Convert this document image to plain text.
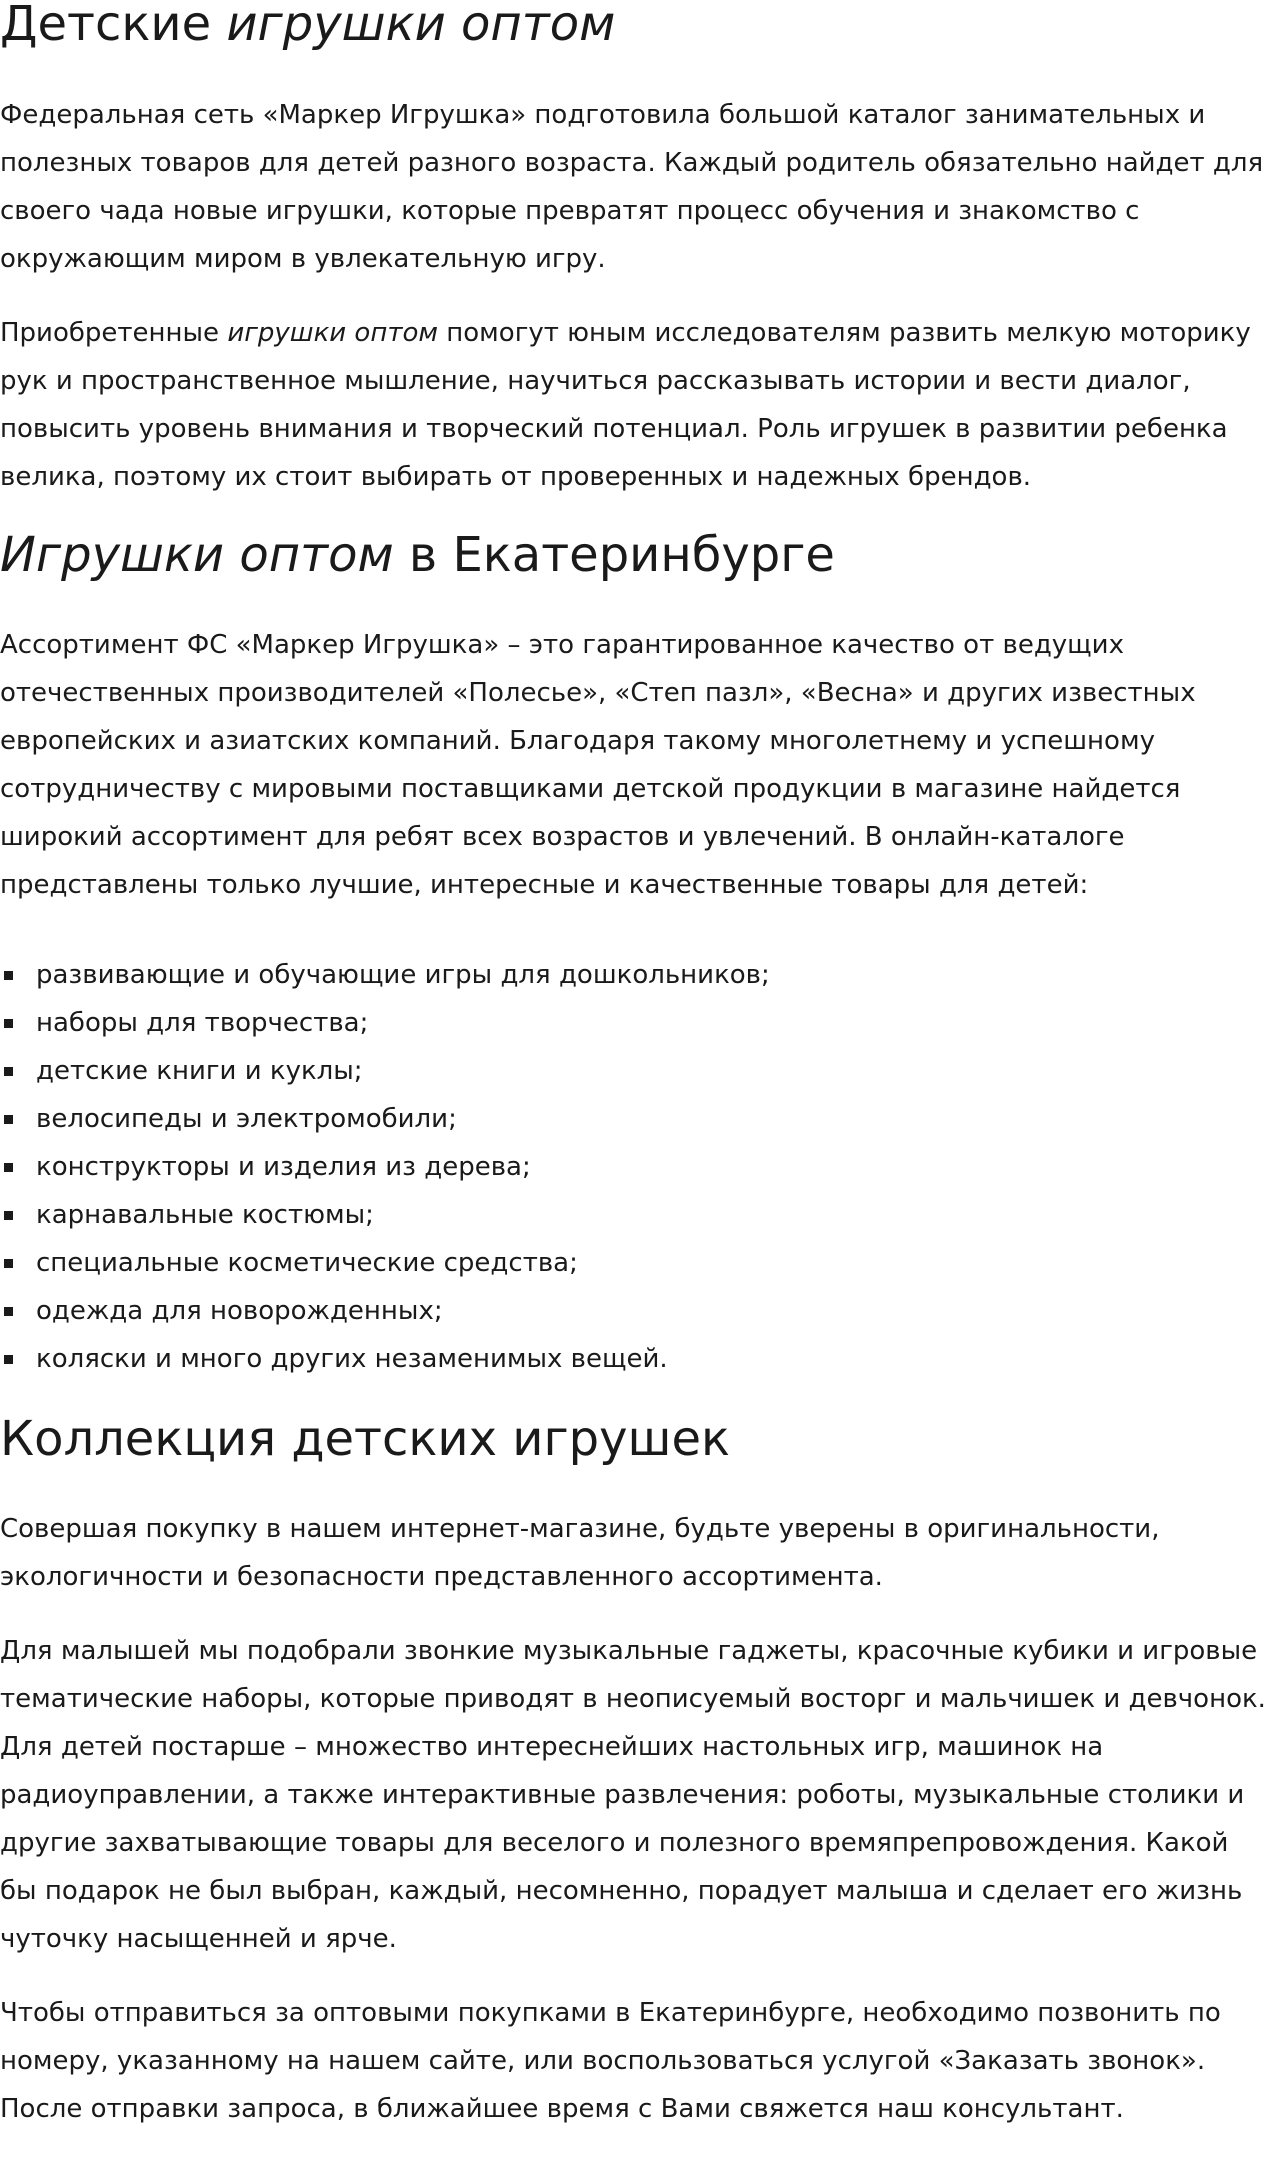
Детские игрушки оптом

Федеральная сеть «Маркер Игрушка» подготовила большой каталог занимательных и

полезных товаров для детей разного возраста. Каждый родитель обязательно найдет для

своего чада новые игрушки, которые превратят процесс обучения и знакомство с

окружающим миром в увлекательную игру.

Приобретенные игрушки оптом помогут юным исследователям развить мелкую моторику

рук и пространственное мышление, научиться рассказывать истории и вести диалог,

повысить уровень внимания и творческий потенциал. Роль игрушек в развитии ребенка

велика, поэтому их стоит выбирать от проверенных и надежных брендов.

Игрушки оптом в Екатеринбурге

Ассортимент ФС «Маркер Игрушка» – это гарантированное качество от ведущих

отечественных производителей «Полесье», «Степ пазл», «Весна» и других известных

европейских и азиатских компаний. Благодаря такому многолетнему и успешному

сотрудничеству с мировыми поставщиками детской продукции в магазине найдется

широкий ассортимент для ребят всех возрастов и увлечений. В онлайн-каталоге

представлены только лучшие, интересные и качественные товары для детей:

развивающие и обучающие игры для дошкольников;
наборы для творчества;
детские книги и куклы;
велосипеды и электромобили;
конструкторы и изделия из дерева;
карнавальные костюмы;
специальные косметические средства;
одежда для новорожденных;
коляски и много других незаменимых вещей.
Коллекция детских игрушек

Совершая покупку в нашем интернет-магазине, будьте уверены в оригинальности,

экологичности и безопасности представленного ассортимента.

Для малышей мы подобрали звонкие музыкальные гаджеты, красочные кубики и игровые

тематические наборы, которые приводят в неописуемый восторг и мальчишек и девчонок.

Для детей постарше – множество интереснейших настольных игр, машинок на

радиоуправлении, а также интерактивные развлечения: роботы, музыкальные столики и

другие захватывающие товары для веселого и полезного времяпрепровождения. Какой

бы подарок не был выбран, каждый, несомненно, порадует малыша и сделает его жизнь

чуточку насыщенней и ярче.

Чтобы отправиться за оптовыми покупками в Екатеринбурге, необходимо позвонить по

номеру, указанному на нашем сайте, или воспользоваться услугой «Заказать звонок».

После отправки запроса, в ближайшее время с Вами свяжется наш консультант.
